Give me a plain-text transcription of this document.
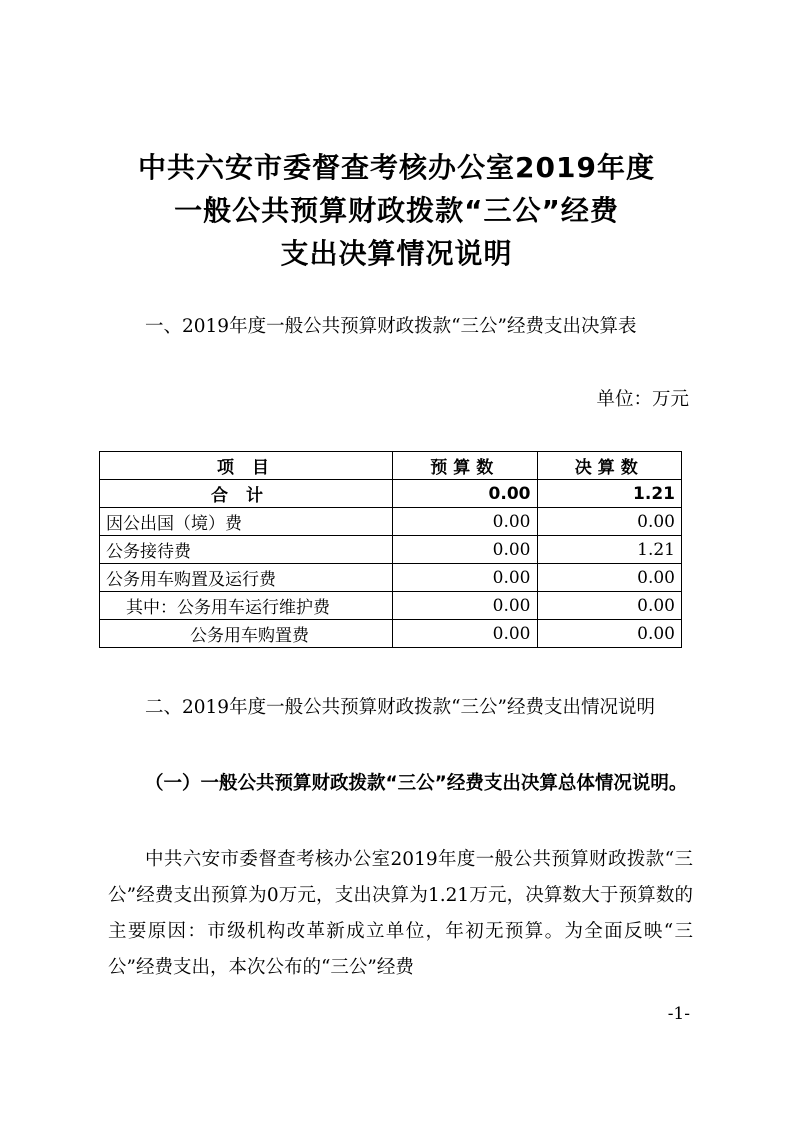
中共六安市委督查考核办公室2019年度
一般公共预算财政拨款“三公”经费
支出决算情况说明
一、2019年度一般公共预算财政拨款“三公”经费支出决算表
单位：万元
项 目	预算数	决算数
合计	0.00	1.21
因公出国（境）费	0.00	0.00
公务接待费	0.00	1.21
公务用车购置及运行费	0.00	0.00
其中：公务用车运行维护费	0.00	0.00
公务用车购置费	0.00	0.00
二、2019年度一般公共预算财政拨款“三公”经费支出情况说明
（一）一般公共预算财政拨款“三公”经费支出决算总体情况说明。
中共六安市委督查考核办公室2019年度一般公共预算财政拨款“三公”经费支出预算为0万元，支出决算为1.21万元，决算数大于预算数的主要原因：市级机构改革新成立单位，年初无预算。为全面反映“三公”经费支出，本次公布的“三公”经费
-1-
